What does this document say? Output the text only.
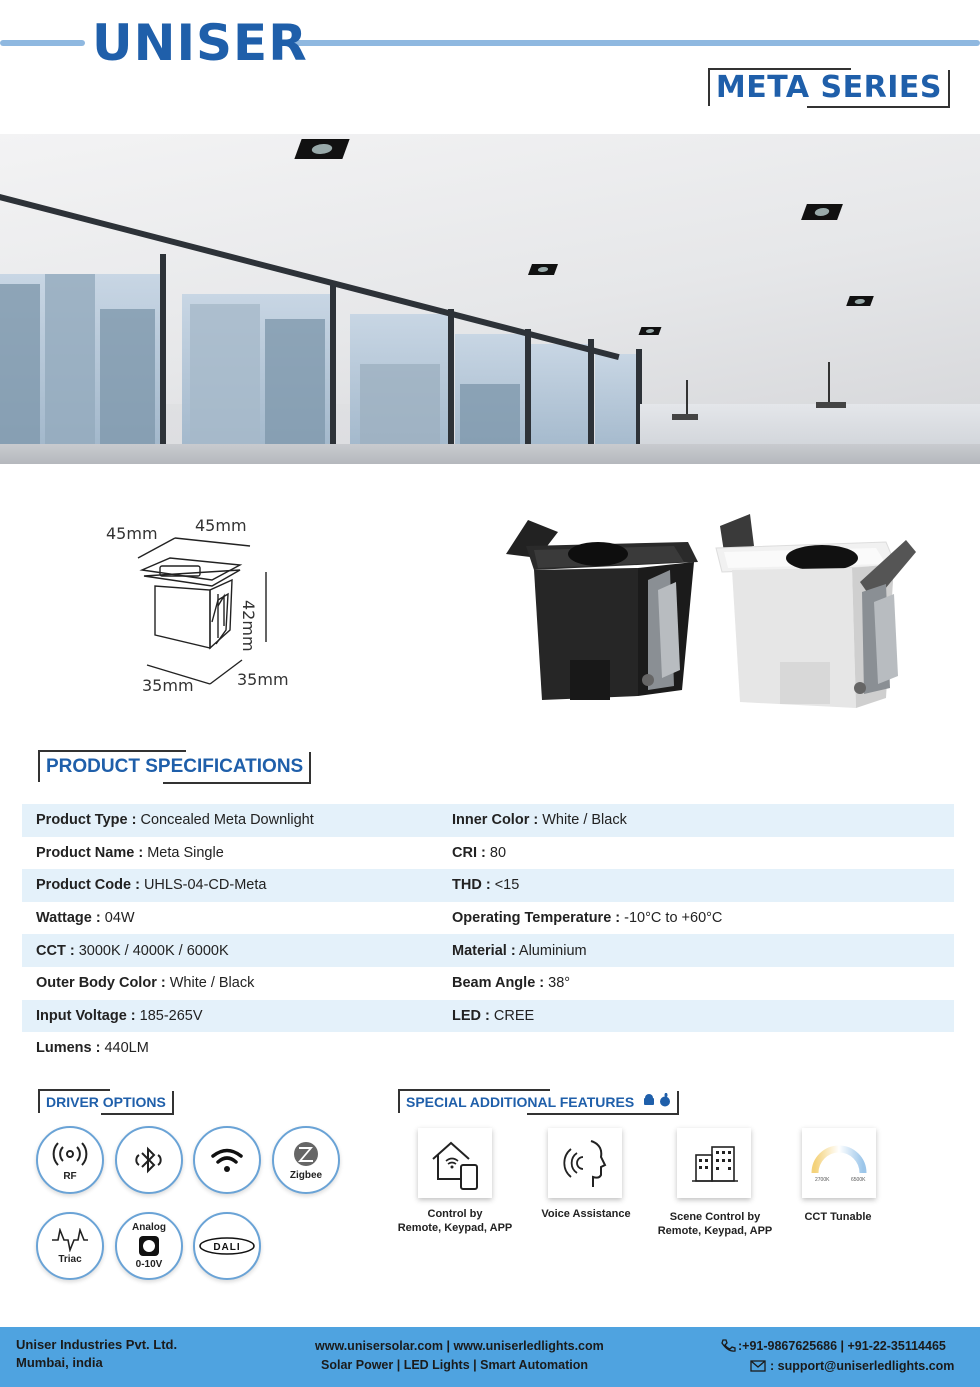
UNISER
META SERIES
45mm 45mm
42mm
35mm	35mm
PRODUCT SPECIFICATIONS
Product Type : Concealed Meta Downlight	Inner Color : White / Black
Product Name : Meta Single	CRI : 80
Product Code : UHLS-04-CD-Meta	THD : <15
Wattage : 04W	Operating Temperature : -10°C to +60°C
CCT : 3000K / 4000K / 6000K	Material : Aluminium
Outer Body Color : White / Black	Beam Angle : 38°
Input Voltage : 185-265V	LED : CREE
Lumens : 440LM
DRIVER OPTIONS
RF	Zigbee
Triac
Analog
0-10V
DALI
SPECIAL ADDITIONAL FEATURES
Control by
Remote, Keypad, APP
Voice Assistance	Scene Control by
Remote, Keypad, APP
2700K	6500K
CCT Tunable
Uniser Industries Pvt. Ltd.
Mumbai, india
www.unisersolar.com | www.uniserledlights.com
Solar Power | LED Lights | Smart Automation
:+91-9867625686 | +91-22-35114465
: support@uniserledlights.com
